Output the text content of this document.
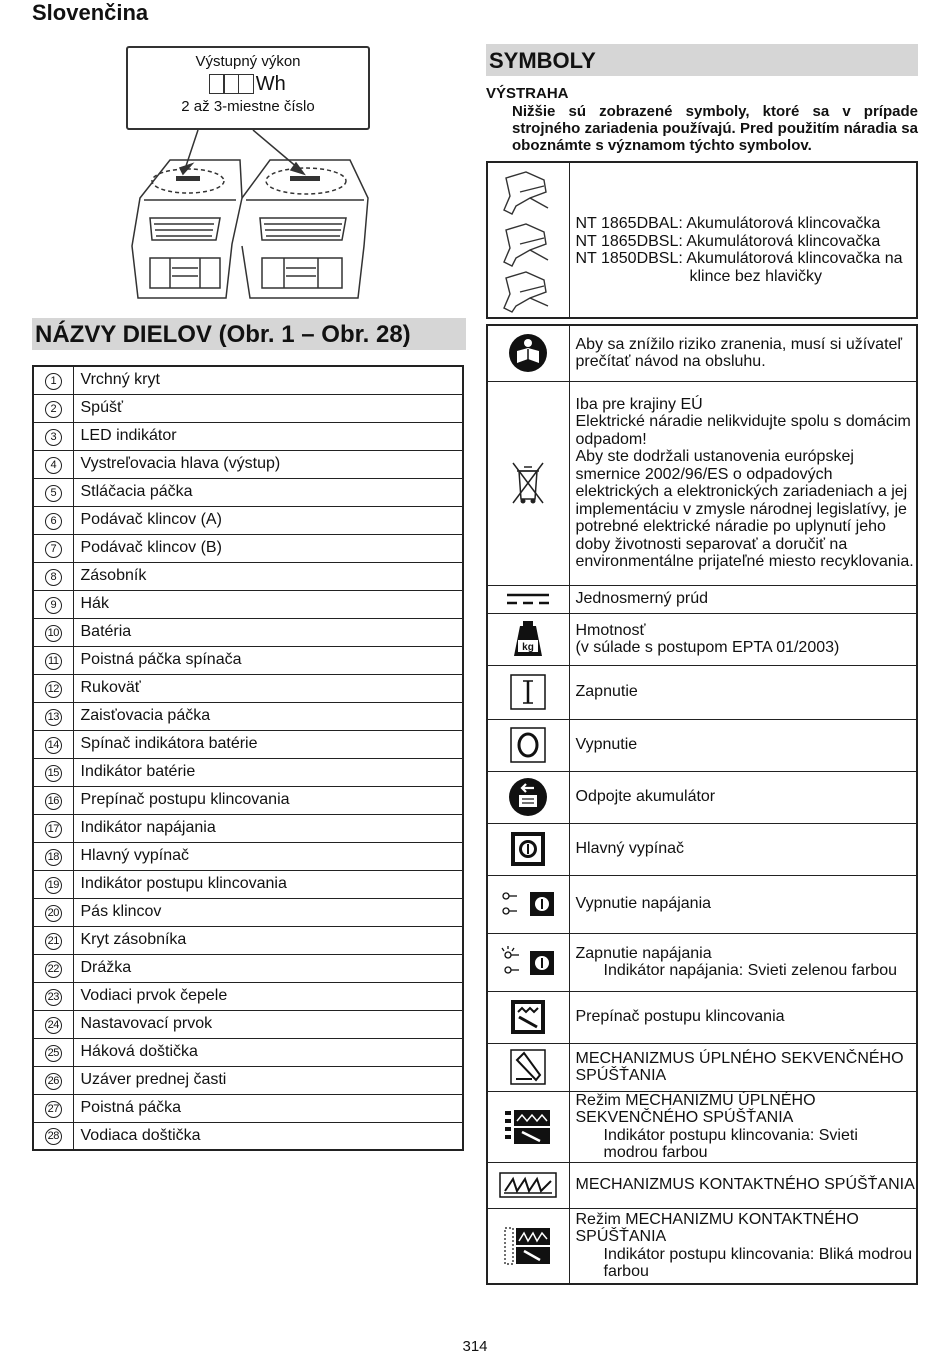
Slovenčina
Výstupný výkon
Wh
2 až 3-miestne číslo
SYMBOLY
VÝSTRAHA
Nižšie sú zobrazené symboly, ktoré sa v prípade strojného zariadenia používajú. Pred použitím náradia sa oboznámte s významom týchto symbolov.

NT 1865DBAL: Akumulátorová klincovačka
NT 1865DBSL: Akumulátorová klincovačka
NT 1850DBSL: Akumulátorová klincovačka na
klince bez hlavičky
	Aby sa znížilo riziko zranenia, musí si užívateľ prečítať návod na obsluhu.

Iba pre krajiny EÚ
Elektrické náradie nelikvidujte spolu s domácim odpadom!
Aby ste dodržali ustanovenia európskej smernice 2002/96/ES o odpadových elektrických a elektronických zariadeniach a jej implementáciu v zmysle národnej legislatívy, je potrebné elektrické náradie po uplynutí jeho doby životnosti separovať a doručiť na environmentálne prijateľné miesto recyklovania.

	Jednosmerný prúd

kg	Hmotnosť
(v súlade s postupom EPTA 01/2003)

	Zapnutie
	Vypnutie
	Odpojte akumulátor
	Hlavný vypínač
	Vypnutie napájania

Zapnutie napájania
Indikátor napájania: Svieti zelenou farbou

	Prepínač postupu klincovania
	MECHANIZMUS ÚPLNÉHO SEKVENČNÉHO SPÚŠŤANIA

Režim MECHANIZMU ÚPLNÉHO SEKVENČNÉHO SPÚŠŤANIA
Indikátor postupu klincovania: Svieti modrou farbou

	MECHANIZMUS KONTAKTNÉHO SPÚŠŤANIA

Režim MECHANIZMU KONTAKTNÉHO SPÚŠŤANIA
Indikátor postupu klincovania: Bliká modrou farbou
NÁZVY DIELOV (Obr. 1 – Obr. 28)
1	Vrchný kryt
2	Spúšť
3	LED indikátor
4	Vystreľovacia hlava (výstup)
5	Stláčacia páčka
6	Podávač klincov (A)
7	Podávač klincov (B)
8	Zásobník
9	Hák
10	Batéria
11	Poistná páčka spínača
12	Rukoväť
13	Zaisťovacia páčka
14	Spínač indikátora batérie
15	Indikátor batérie
16	Prepínač postupu klincovania
17	Indikátor napájania
18	Hlavný vypínač
19	Indikátor postupu klincovania
20	Pás klincov
21	Kryt zásobníka
22	Drážka
23	Vodiaci prvok čepele
24	Nastavovací prvok
25	Háková doštička
26	Uzáver prednej časti
27	Poistná páčka
28	Vodiaca doštička
314
